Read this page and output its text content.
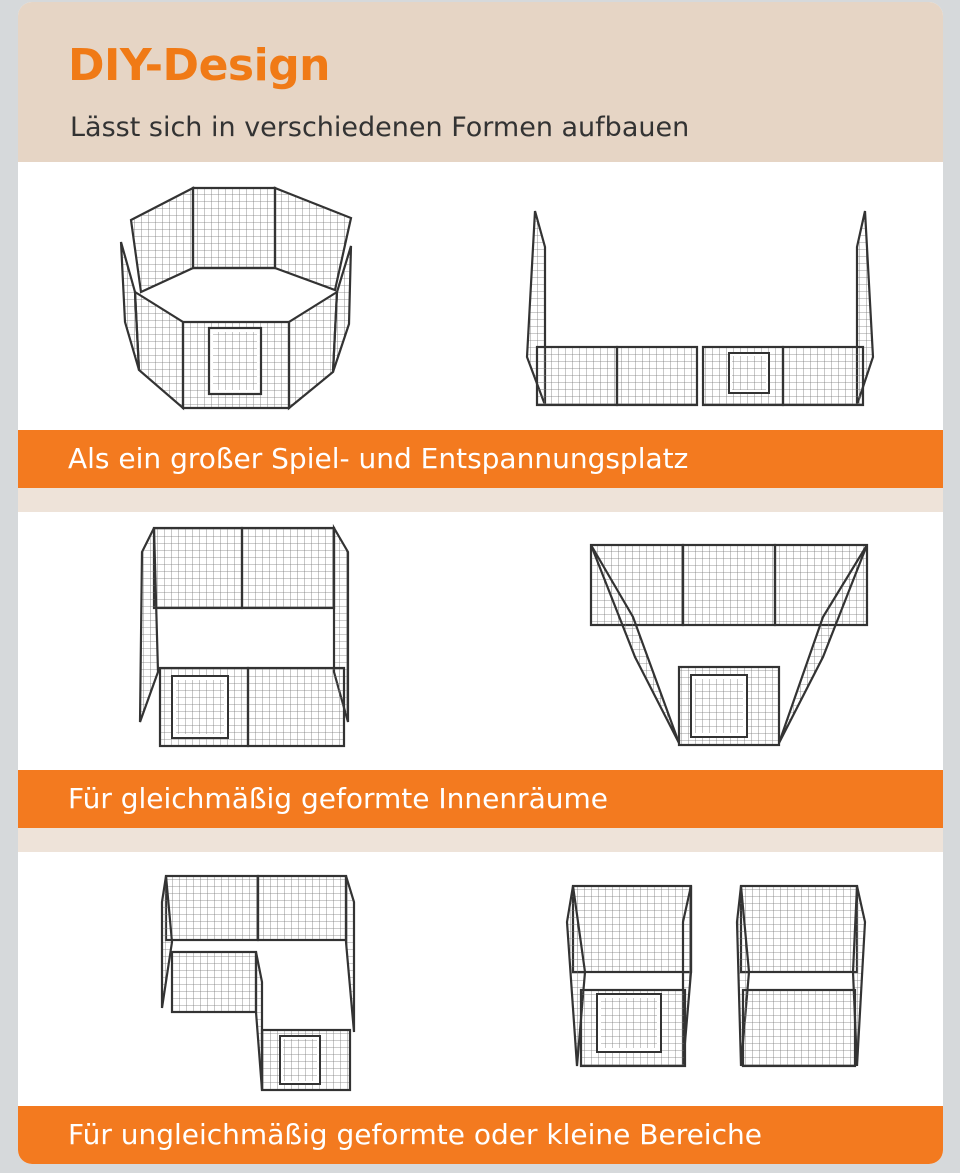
DIY-Design
Lässt sich in verschiedenen Formen aufbauen
Als ein großer Spiel- und Entspannungsplatz
Für gleichmäßig geformte Innenräume
Für ungleichmäßig geformte oder kleine Bereiche
